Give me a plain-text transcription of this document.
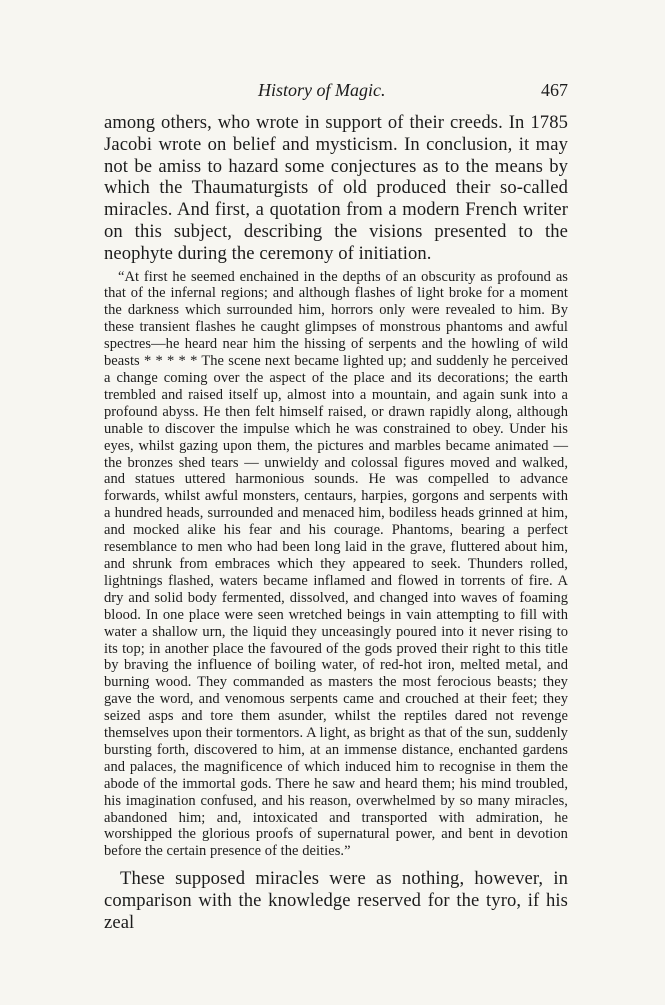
History of Magic.	467

among others, who wrote in support of their creeds. In 1785 Jacobi wrote on belief and mysticism. In conclusion, it may not be amiss to hazard some conjectures as to the means by which the Thaumaturgists of old produced their so-called miracles. And first, a quotation from a modern French writer on this subject, describing the visions presented to the neophyte during the ceremony of initiation.

“At first he seemed enchained in the depths of an obscurity as profound as that of the infernal regions; and although flashes of light broke for a moment the darkness which surrounded him, horrors only were revealed to him. By these transient flashes he caught glimpses of monstrous phantoms and awful spectres—he heard near him the hissing of serpents and the howling of wild beasts * * * * * The scene next became lighted up; and suddenly he perceived a change coming over the aspect of the place and its decorations; the earth trembled and raised itself up, almost into a mountain, and again sunk into a profound abyss. He then felt himself raised, or drawn rapidly along, although unable to discover the impulse which he was constrained to obey. Under his eyes, whilst gazing upon them, the pictures and marbles became animated — the bronzes shed tears — unwieldy and colossal figures moved and walked, and statues uttered harmonious sounds. He was compelled to advance forwards, whilst awful monsters, centaurs, harpies, gorgons and serpents with a hundred heads, surrounded and menaced him, bodiless heads grinned at him, and mocked alike his fear and his courage. Phantoms, bearing a perfect resemblance to men who had been long laid in the grave, fluttered about him, and shrunk from embraces which they appeared to seek. Thunders rolled, lightnings flashed, waters became inflamed and flowed in torrents of fire. A dry and solid body fermented, dissolved, and changed into waves of foaming blood. In one place were seen wretched beings in vain attempting to fill with water a shallow urn, the liquid they unceasingly poured into it never rising to its top; in another place the favoured of the gods proved their right to this title by braving the influence of boiling water, of red-hot iron, melted metal, and burning wood. They commanded as masters the most ferocious beasts; they gave the word, and venomous serpents came and crouched at their feet; they seized asps and tore them asunder, whilst the reptiles dared not revenge themselves upon their tormentors. A light, as bright as that of the sun, suddenly bursting forth, discovered to him, at an immense distance, enchanted gardens and palaces, the magnificence of which induced him to recognise in them the abode of the immortal gods. There he saw and heard them; his mind troubled, his imagination confused, and his reason, overwhelmed by so many miracles, abandoned him; and, intoxicated and transported with admiration, he worshipped the glorious proofs of supernatural power, and bent in devotion before the certain presence of the deities.”

These supposed miracles were as nothing, however, in comparison with the knowledge reserved for the tyro, if his zeal
